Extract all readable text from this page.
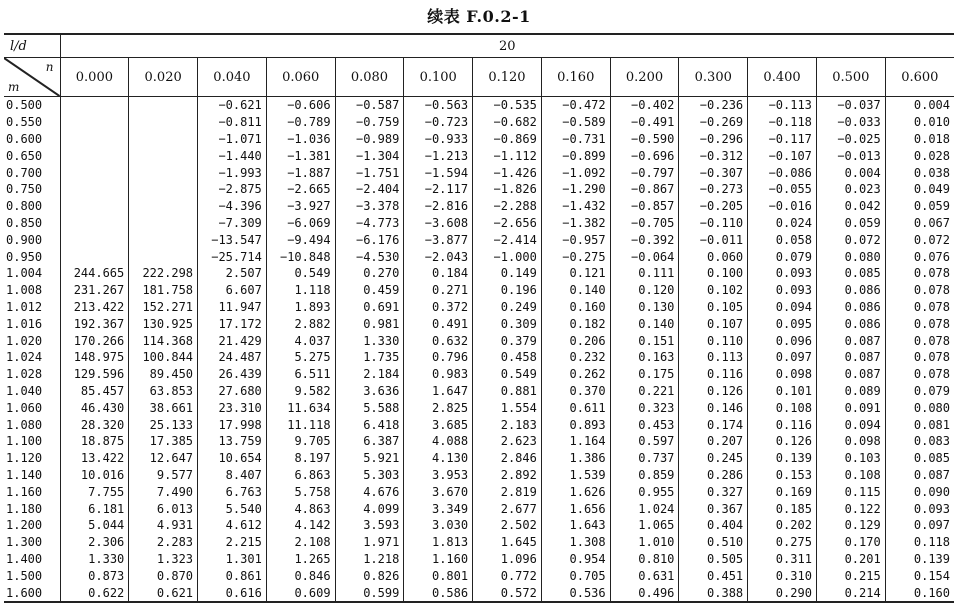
续表 F.0.2-1
l/d	20												

n
m	0.000	0.020	0.040	0.060	0.080	0.100	0.120	0.160	0.200	0.300	0.400	0.500	0.600
0.500			−0.621	−0.606	−0.587	−0.563	−0.535	−0.472	−0.402	−0.236	−0.113	−0.037	0.004
0.550			−0.811	−0.789	−0.759	−0.723	−0.682	−0.589	−0.491	−0.269	−0.118	−0.033	0.010
0.600			−1.071	−1.036	−0.989	−0.933	−0.869	−0.731	−0.590	−0.296	−0.117	−0.025	0.018
0.650			−1.440	−1.381	−1.304	−1.213	−1.112	−0.899	−0.696	−0.312	−0.107	−0.013	0.028
0.700			−1.993	−1.887	−1.751	−1.594	−1.426	−1.092	−0.797	−0.307	−0.086	0.004	0.038
0.750			−2.875	−2.665	−2.404	−2.117	−1.826	−1.290	−0.867	−0.273	−0.055	0.023	0.049
0.800			−4.396	−3.927	−3.378	−2.816	−2.288	−1.432	−0.857	−0.205	−0.016	0.042	0.059
0.850			−7.309	−6.069	−4.773	−3.608	−2.656	−1.382	−0.705	−0.110	0.024	0.059	0.067
0.900			−13.547	−9.494	−6.176	−3.877	−2.414	−0.957	−0.392	−0.011	0.058	0.072	0.072
0.950			−25.714	−10.848	−4.530	−2.043	−1.000	−0.275	−0.064	0.060	0.079	0.080	0.076
1.004	244.665	222.298	2.507	0.549	0.270	0.184	0.149	0.121	0.111	0.100	0.093	0.085	0.078
1.008	231.267	181.758	6.607	1.118	0.459	0.271	0.196	0.140	0.120	0.102	0.093	0.086	0.078
1.012	213.422	152.271	11.947	1.893	0.691	0.372	0.249	0.160	0.130	0.105	0.094	0.086	0.078
1.016	192.367	130.925	17.172	2.882	0.981	0.491	0.309	0.182	0.140	0.107	0.095	0.086	0.078
1.020	170.266	114.368	21.429	4.037	1.330	0.632	0.379	0.206	0.151	0.110	0.096	0.087	0.078
1.024	148.975	100.844	24.487	5.275	1.735	0.796	0.458	0.232	0.163	0.113	0.097	0.087	0.078
1.028	129.596	89.450	26.439	6.511	2.184	0.983	0.549	0.262	0.175	0.116	0.098	0.087	0.078
1.040	85.457	63.853	27.680	9.582	3.636	1.647	0.881	0.370	0.221	0.126	0.101	0.089	0.079
1.060	46.430	38.661	23.310	11.634	5.588	2.825	1.554	0.611	0.323	0.146	0.108	0.091	0.080
1.080	28.320	25.133	17.998	11.118	6.418	3.685	2.183	0.893	0.453	0.174	0.116	0.094	0.081
1.100	18.875	17.385	13.759	9.705	6.387	4.088	2.623	1.164	0.597	0.207	0.126	0.098	0.083
1.120	13.422	12.647	10.654	8.197	5.921	4.130	2.846	1.386	0.737	0.245	0.139	0.103	0.085
1.140	10.016	9.577	8.407	6.863	5.303	3.953	2.892	1.539	0.859	0.286	0.153	0.108	0.087
1.160	7.755	7.490	6.763	5.758	4.676	3.670	2.819	1.626	0.955	0.327	0.169	0.115	0.090
1.180	6.181	6.013	5.540	4.863	4.099	3.349	2.677	1.656	1.024	0.367	0.185	0.122	0.093
1.200	5.044	4.931	4.612	4.142	3.593	3.030	2.502	1.643	1.065	0.404	0.202	0.129	0.097
1.300	2.306	2.283	2.215	2.108	1.971	1.813	1.645	1.308	1.010	0.510	0.275	0.170	0.118
1.400	1.330	1.323	1.301	1.265	1.218	1.160	1.096	0.954	0.810	0.505	0.311	0.201	0.139
1.500	0.873	0.870	0.861	0.846	0.826	0.801	0.772	0.705	0.631	0.451	0.310	0.215	0.154
1.600	0.622	0.621	0.616	0.609	0.599	0.586	0.572	0.536	0.496	0.388	0.290	0.214	0.160
